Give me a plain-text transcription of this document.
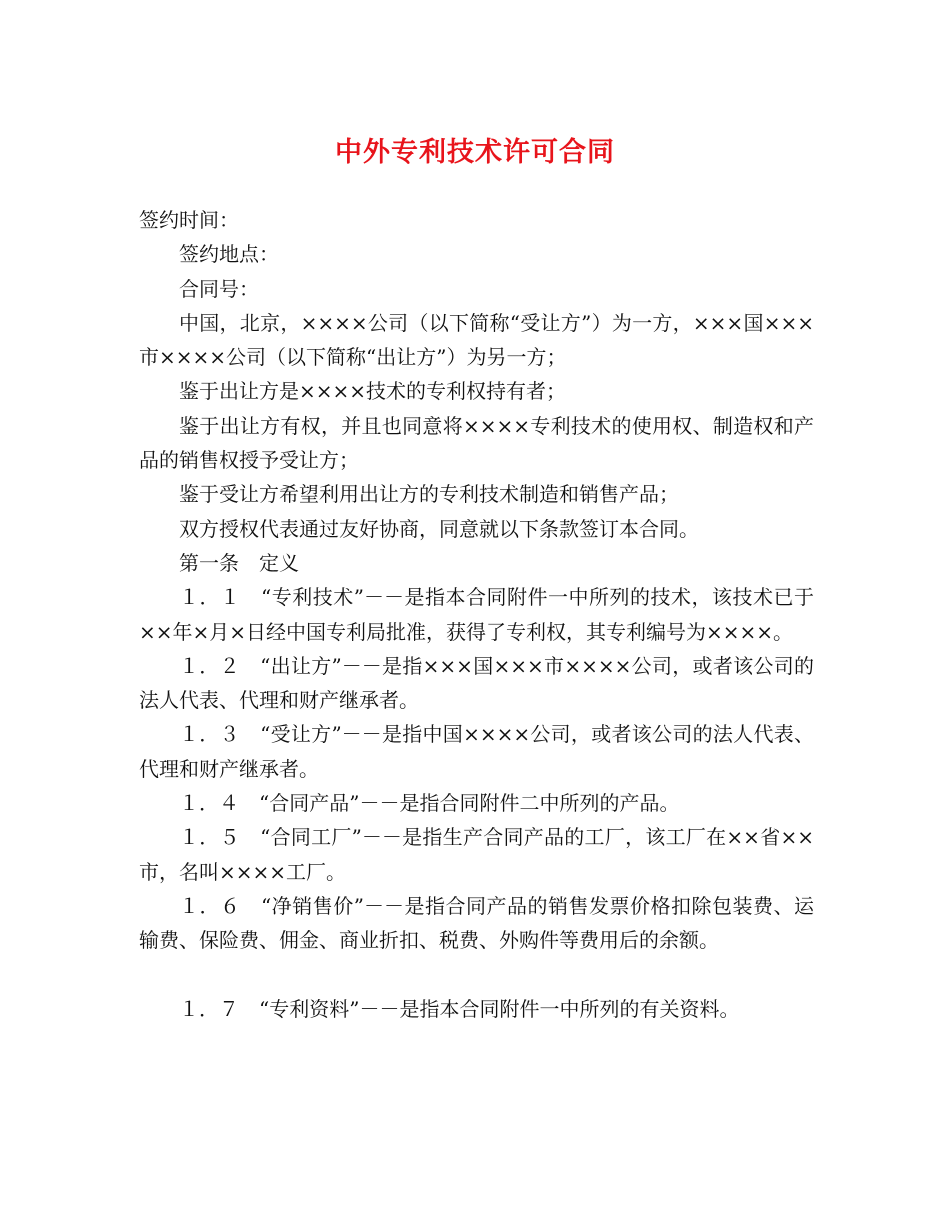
中外专利技术许可合同

签约时间：

签约地点：

合同号：

中国，北京，××××公司（以下简称“受让方”）为一方，×××国×××市××××公司（以下简称“出让方”）为另一方；

鉴于出让方是××××技术的专利权持有者；

鉴于出让方有权，并且也同意将××××专利技术的使用权、制造权和产品的销售权授予受让方；

鉴于受让方希望利用出让方的专利技术制造和销售产品；

双方授权代表通过友好协商，同意就以下条款签订本合同。

第一条　定义

１．１　“专利技术”－－是指本合同附件一中所列的技术，该技术已于××年×月×日经中国专利局批准，获得了专利权，其专利编号为××××。

１．２　“出让方”－－是指×××国×××市××××公司，或者该公司的法人代表、代理和财产继承者。

１．３　“受让方”－－是指中国××××公司，或者该公司的法人代表、代理和财产继承者。

１．４　“合同产品”－－是指合同附件二中所列的产品。

１．５　“合同工厂”－－是指生产合同产品的工厂，该工厂在××省××市，名叫××××工厂。

１．６　“净销售价”－－是指合同产品的销售发票价格扣除包装费、运输费、保险费、佣金、商业折扣、税费、外购件等费用后的余额。

１．７　“专利资料”－－是指本合同附件一中所列的有关资料。
